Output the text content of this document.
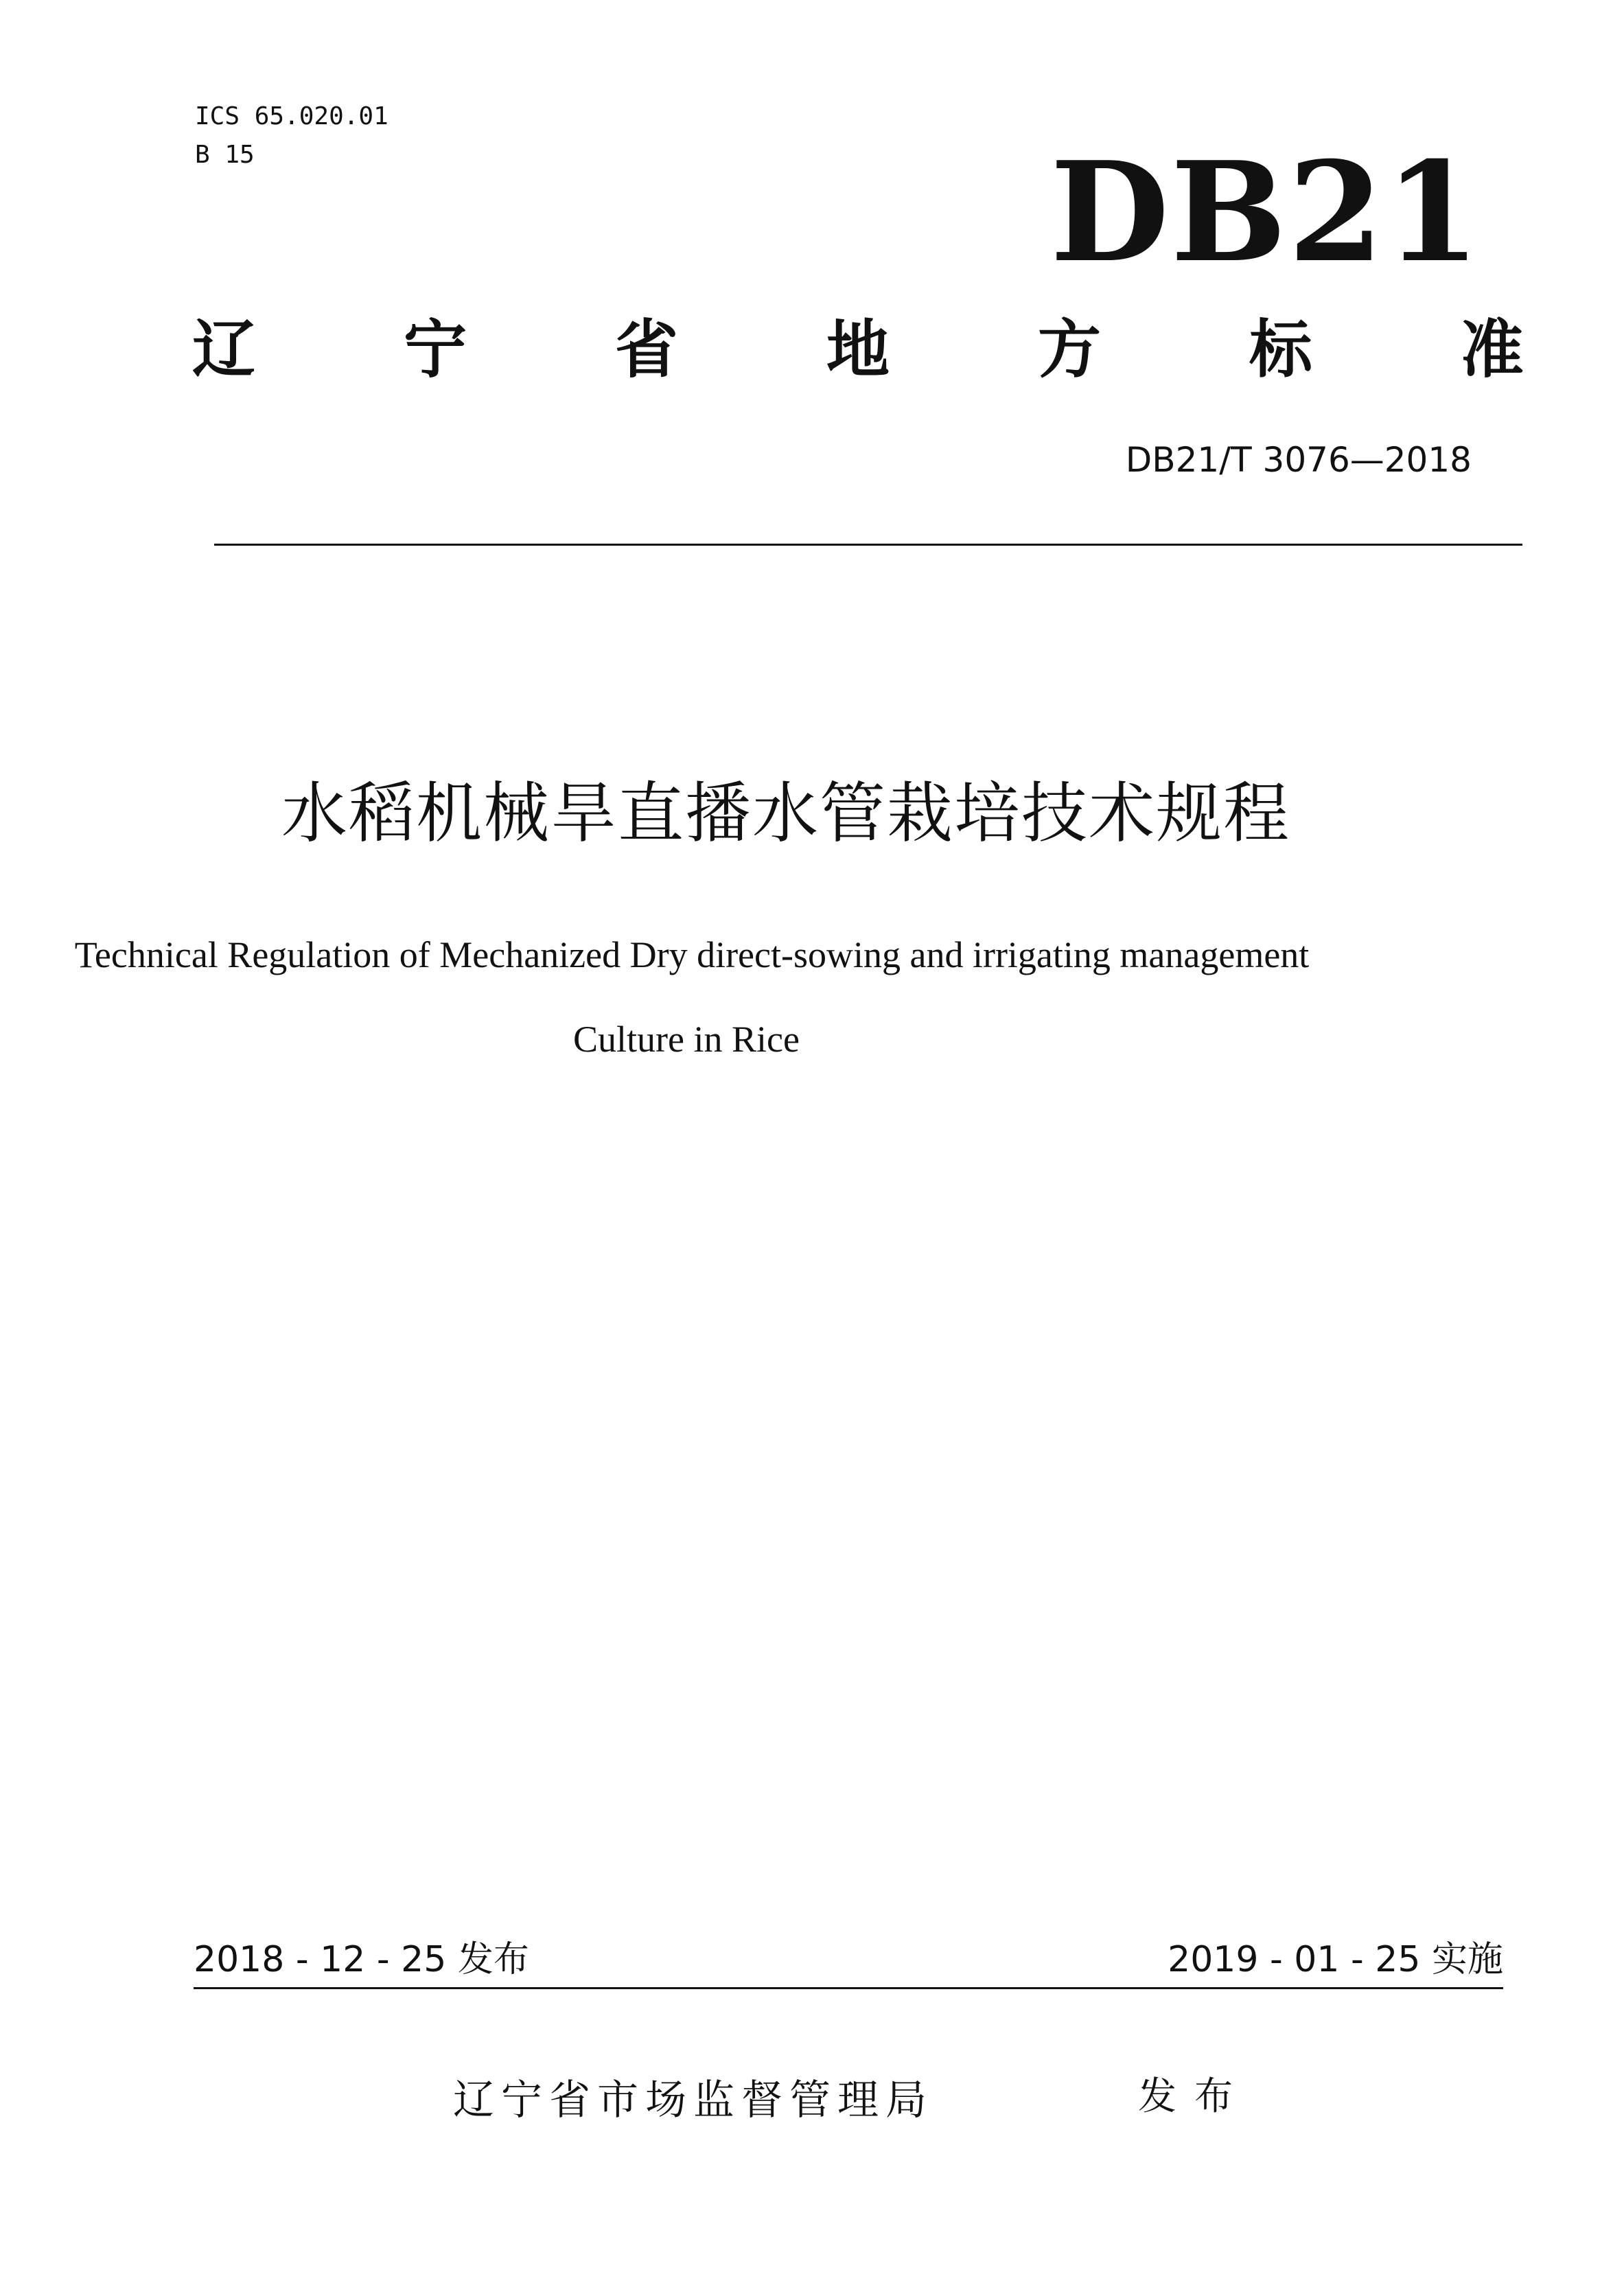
ICS 65.020.01
B 15	DB21
辽 宁 省 地 方 标 准
DB21/T 3076—2018
水稻机械旱直播水管栽培技术规程
Technical Regulation of Mechanized Dry direct-sowing and irrigating management
Culture in Rice
2018 - 12 - 25 发布	2019 - 01 - 25 实施
辽宁省市场监督管理局	发布
